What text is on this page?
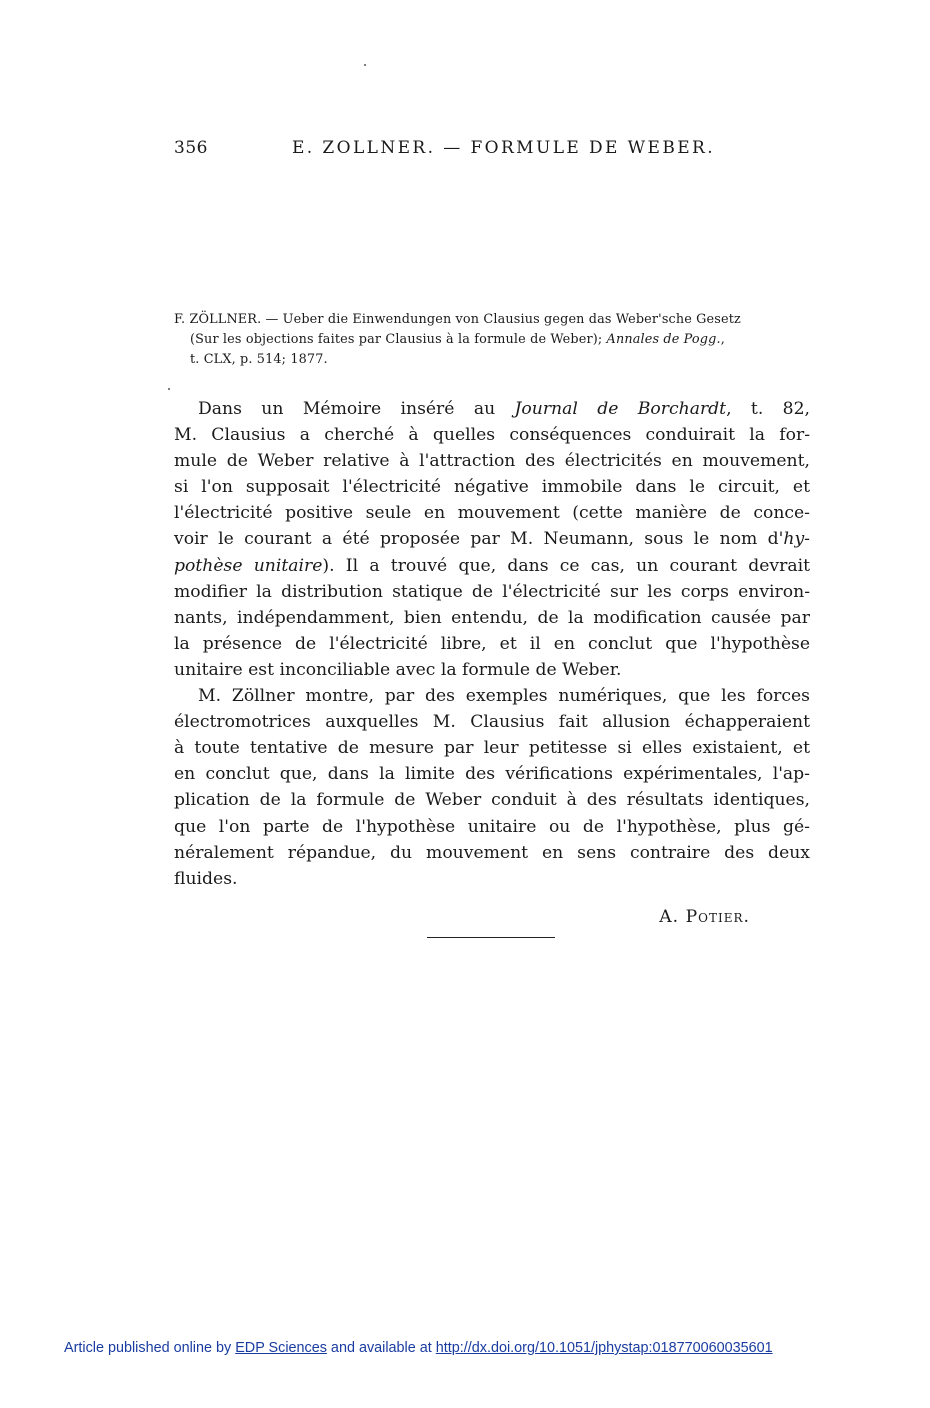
356	E. ZOLLNER. — FORMULE DE WEBER.
F. ZÖLLNER. — Ueber die Einwendungen von Clausius gegen das Weber'sche Gesetz
(Sur les objections faites par Clausius à la formule de Weber); Annales de Pogg.,
t. CLX, p. 514; 1877.
Dans un Mémoire inséré au Journal de Borchardt, t. 82,
M. Clausius a cherché à quelles conséquences conduirait la for-
mule de Weber relative à l'attraction des électricités en mouvement,
si l'on supposait l'électricité négative immobile dans le circuit, et
l'électricité positive seule en mouvement (cette manière de conce-
voir le courant a été proposée par M. Neumann, sous le nom d'hy-
pothèse unitaire). Il a trouvé que, dans ce cas, un courant devrait
modifier la distribution statique de l'électricité sur les corps environ-
nants, indépendamment, bien entendu, de la modification causée par
la présence de l'électricité libre, et il en conclut que l'hypothèse
unitaire est inconciliable avec la formule de Weber.
M. Zöllner montre, par des exemples numériques, que les forces
électromotrices auxquelles M. Clausius fait allusion échapperaient
à toute tentative de mesure par leur petitesse si elles existaient, et
en conclut que, dans la limite des vérifications expérimentales, l'ap-
plication de la formule de Weber conduit à des résultats identiques,
que l'on parte de l'hypothèse unitaire ou de l'hypothèse, plus gé-
néralement répandue, du mouvement en sens contraire des deux
fluides.
A. Potier.
Article published online by EDP Sciences and available at http://dx.doi.org/10.1051/jphystap:018770060035601
